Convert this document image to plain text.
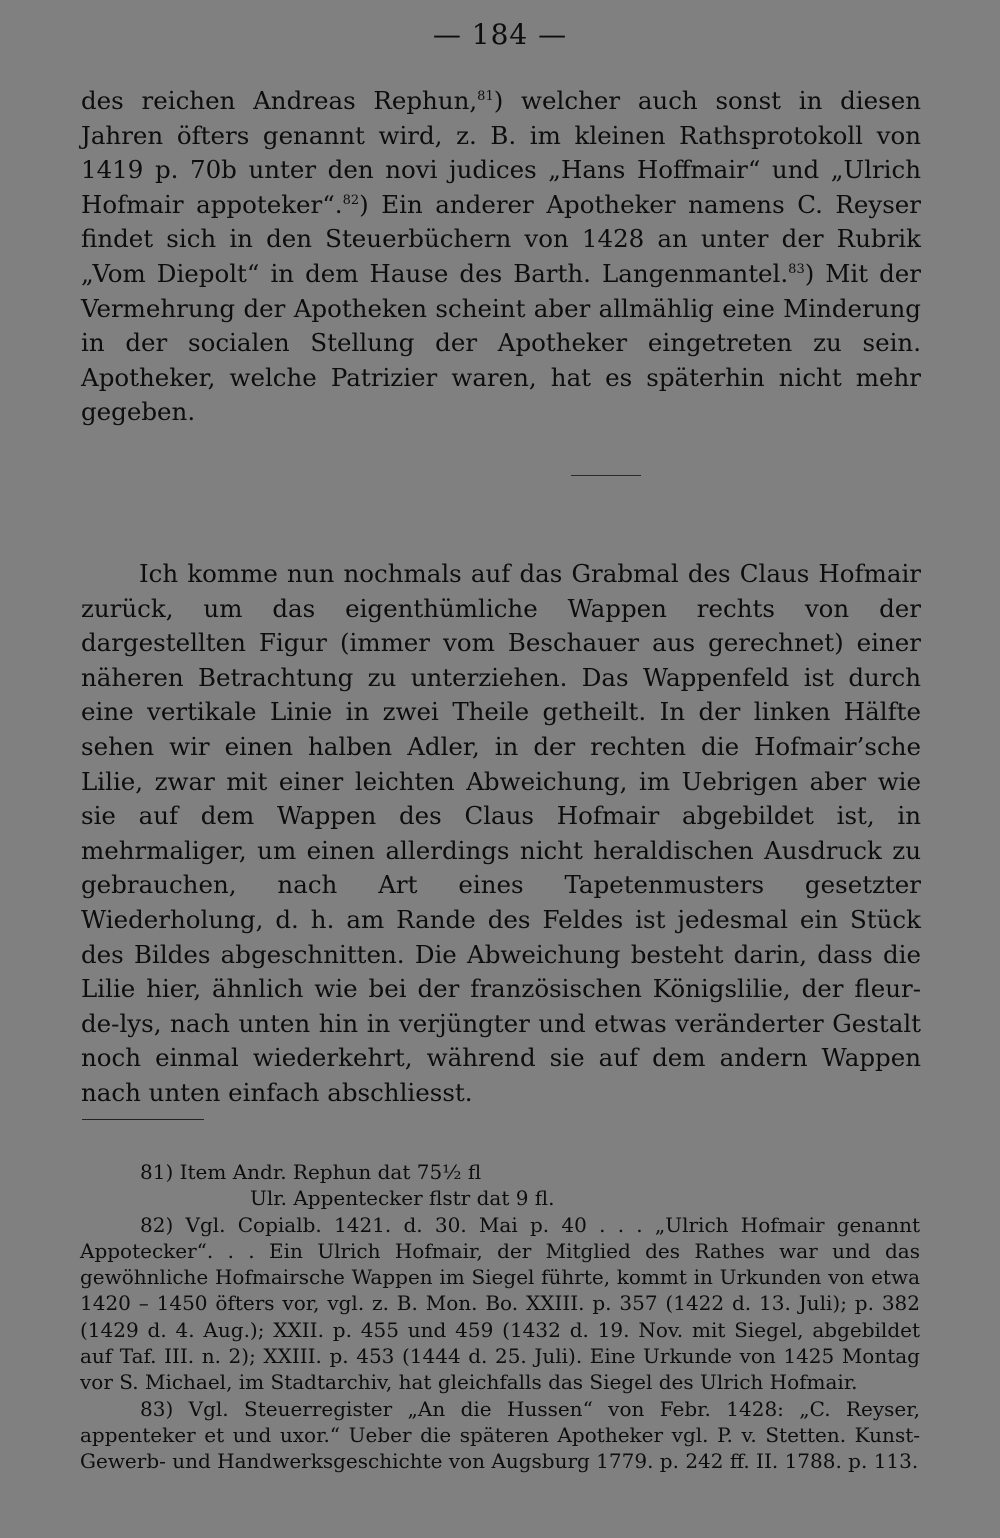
— 184 —
des reichen Andreas Rephun,$^{81}$) welcher auch sonst in diesen Jahren öfters genannt wird, z. B. im kleinen Rathsprotokoll von 1419 p. 70b unter den novi judices „Hans Hoffmair“ und „Ulrich Hofmair appoteker“.$^{82}$) Ein anderer Apotheker namens C. Reyser findet sich in den Steuerbüchern von 1428 an unter der Rubrik „Vom Diepolt“ in dem Hause des Barth. Langenmantel.$^{83}$) Mit der Vermehrung der Apotheken scheint aber allmählig eine Minderung in der socialen Stellung der Apotheker eingetreten zu sein. Apotheker, welche Patrizier waren, hat es späterhin nicht mehr gegeben.
Ich komme nun nochmals auf das Grabmal des Claus Hofmair zurück, um das eigenthümliche Wappen rechts von der dargestellten Figur (immer vom Beschauer aus gerechnet) einer näheren Betrachtung zu unterziehen. Das Wappenfeld ist durch eine vertikale Linie in zwei Theile getheilt. In der linken Hälfte sehen wir einen halben Adler, in der rechten die Hofmair’sche Lilie, zwar mit einer leichten Abweichung, im Uebrigen aber wie sie auf dem Wappen des Claus Hofmair abgebildet ist, in mehrmaliger, um einen allerdings nicht heraldischen Ausdruck zu gebrauchen, nach Art eines Tapetenmusters gesetzter Wiederholung, d. h. am Rande des Feldes ist jedesmal ein Stück des Bildes abgeschnitten. Die Abweichung besteht darin, dass die Lilie hier, ähnlich wie bei der französischen Königslilie, der fleur-de-lys, nach unten hin in verjüngter und etwas veränderter Gestalt noch einmal wiederkehrt, während sie auf dem andern Wappen nach unten einfach abschliesst.
81) Item Andr. Rephun dat 75½ fl
Ulr. Appentecker flstr dat 9 fl.
82) Vgl. Copialb. 1421. d. 30. Mai p. 40 . . . „Ulrich Hofmair genannt Appotecker“. . . Ein Ulrich Hofmair, der Mitglied des Rathes war und das gewöhnliche Hofmairsche Wappen im Siegel führte, kommt in Urkunden von etwa 1420 – 1450 öfters vor, vgl. z. B. Mon. Bo. XXIII. p. 357 (1422 d. 13. Juli); p. 382 (1429 d. 4. Aug.); XXII. p. 455 und 459 (1432 d. 19. Nov. mit Siegel, abgebildet auf Taf. III. n. 2); XXIII. p. 453 (1444 d. 25. Juli). Eine Urkunde von 1425 Montag vor S. Michael, im Stadtarchiv, hat gleichfalls das Siegel des Ulrich Hofmair.
83) Vgl. Steuerregister „An die Hussen“ von Febr. 1428: „C. Reyser, appenteker et und uxor.“ Ueber die späteren Apotheker vgl. P. v. Stetten. Kunst- Gewerb- und Handwerksgeschichte von Augsburg 1779. p. 242 ff. II. 1788. p. 113.
